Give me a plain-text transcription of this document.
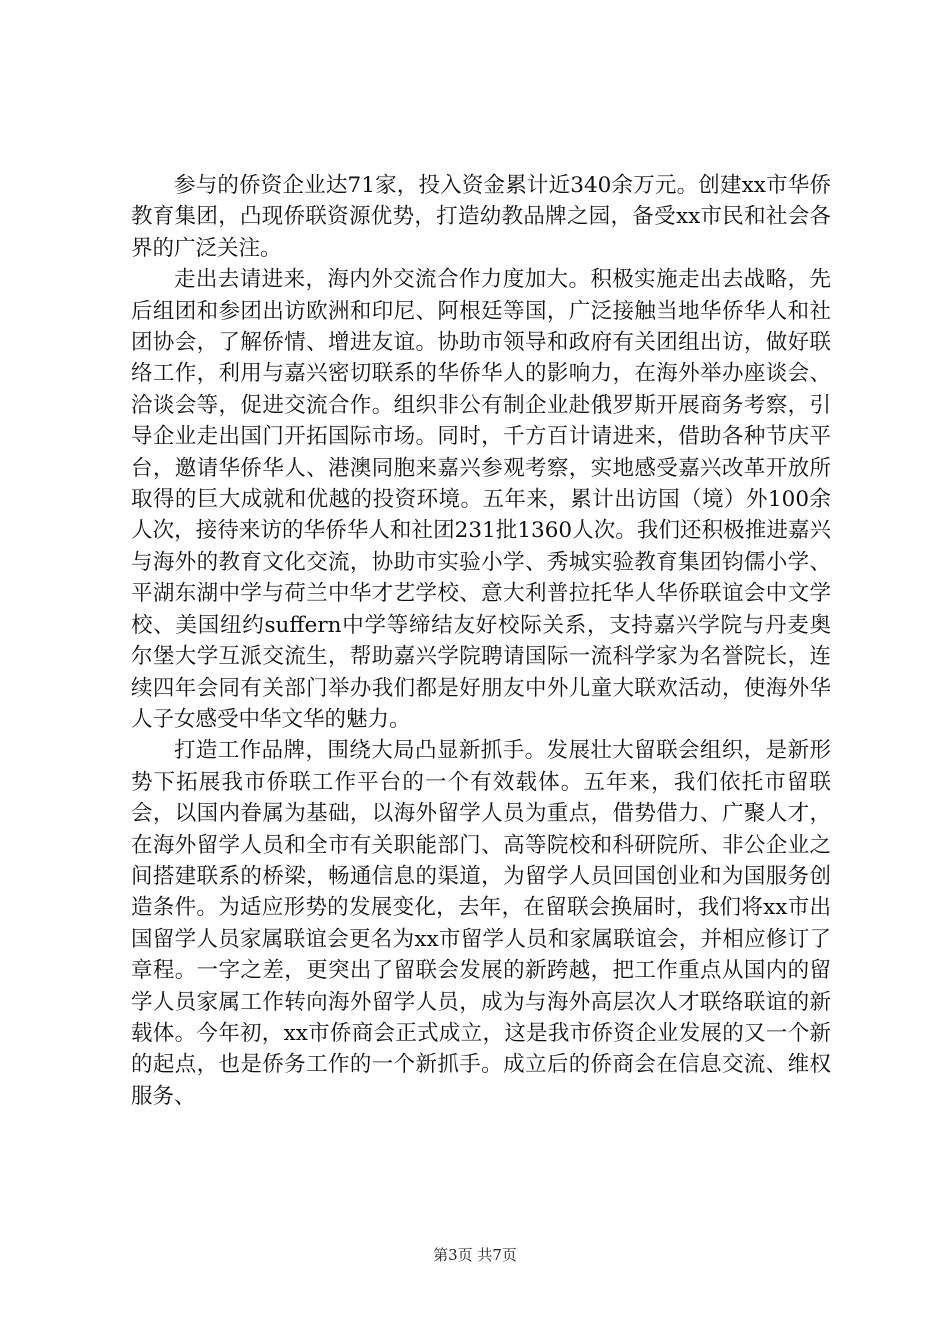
参与的侨资企业达71家，投入资金累计近340余万元。创建xx市华侨教育集团，凸现侨联资源优势，打造幼教品牌之园，备受xx市民和社会各界的广泛关注。

走出去请进来，海内外交流合作力度加大。积极实施走出去战略，先后组团和参团出访欧洲和印尼、阿根廷等国，广泛接触当地华侨华人和社团协会，了解侨情、增进友谊。协助市领导和政府有关团组出访，做好联络工作，利用与嘉兴密切联系的华侨华人的影响力，在海外举办座谈会、洽谈会等，促进交流合作。组织非公有制企业赴俄罗斯开展商务考察，引导企业走出国门开拓国际市场。同时，千方百计请进来，借助各种节庆平台，邀请华侨华人、港澳同胞来嘉兴参观考察，实地感受嘉兴改革开放所取得的巨大成就和优越的投资环境。五年来，累计出访国（境）外100余人次，接待来访的华侨华人和社团231批1360人次。我们还积极推进嘉兴与海外的教育文化交流，协助市实验小学、秀城实验教育集团钧儒小学、平湖东湖中学与荷兰中华才艺学校、意大利普拉托华人华侨联谊会中文学校、美国纽约suffern中学等缔结友好校际关系，支持嘉兴学院与丹麦奥尔堡大学互派交流生，帮助嘉兴学院聘请国际一流科学家为名誉院长，连续四年会同有关部门举办我们都是好朋友中外儿童大联欢活动，使海外华人子女感受中华文华的魅力。

打造工作品牌，围绕大局凸显新抓手。发展壮大留联会组织，是新形势下拓展我市侨联工作平台的一个有效载体。五年来，我们依托市留联会，以国内眷属为基础，以海外留学人员为重点，借势借力、广聚人才，在海外留学人员和全市有关职能部门、高等院校和科研院所、非公企业之间搭建联系的桥梁，畅通信息的渠道，为留学人员回国创业和为国服务创造条件。为适应形势的发展变化，去年，在留联会换届时，我们将xx市出国留学人员家属联谊会更名为xx市留学人员和家属联谊会，并相应修订了章程。一字之差，更突出了留联会发展的新跨越，把工作重点从国内的留学人员家属工作转向海外留学人员，成为与海外高层次人才联络联谊的新载体。今年初，xx市侨商会正式成立，这是我市侨资企业发展的又一个新的起点，也是侨务工作的一个新抓手。成立后的侨商会在信息交流、维权服务、

第3页 共7页
